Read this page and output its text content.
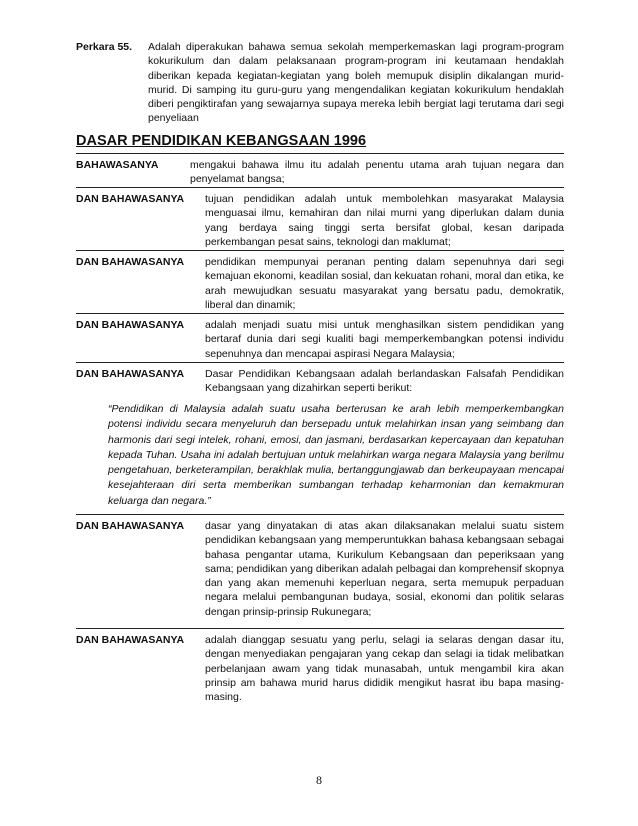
Perkara 55.	Adalah diperakukan bahawa semua sekolah memperkemaskan lagi program-program kokurikulum dan dalam pelaksanaan program-program ini keutamaan hendaklah diberikan kepada kegiatan-kegiatan yang boleh memupuk disiplin dikalangan murid-murid. Di samping itu guru-guru yang mengendalikan kegiatan kokurikulum hendaklah diberi pengiktirafan yang sewajarnya supaya mereka lebih bergiat lagi terutama dari segi penyeliaan
DASAR PENDIDIKAN KEBANGSAAN 1996
BAHAWASANYA	mengakui bahawa ilmu itu adalah penentu utama arah tujuan negara dan penyelamat bangsa;
DAN BAHAWASANYA	tujuan pendidikan adalah untuk membolehkan masyarakat Malaysia menguasai ilmu, kemahiran dan nilai murni yang diperlukan dalam dunia yang berdaya saing tinggi serta bersifat global, kesan daripada perkembangan pesat sains, teknologi dan maklumat;
DAN BAHAWASANYA	pendidikan mempunyai peranan penting dalam sepenuhnya dari segi kemajuan ekonomi, keadilan sosial, dan kekuatan rohani, moral dan etika, ke arah mewujudkan sesuatu masyarakat yang bersatu padu, demokratik, liberal dan dinamik;
DAN BAHAWASANYA	adalah menjadi suatu misi untuk menghasilkan sistem pendidikan yang bertaraf dunia dari segi kualiti bagi memperkembangkan potensi individu sepenuhnya dan mencapai aspirasi Negara Malaysia;
DAN BAHAWASANYA	Dasar Pendidikan Kebangsaan adalah berlandaskan Falsafah Pendidikan Kebangsaan yang dizahirkan seperti berikut:
“Pendidikan di Malaysia adalah suatu usaha berterusan ke arah lebih memperkembangkan potensi individu secara menyeluruh dan bersepadu untuk melahirkan insan yang seimbang dan harmonis dari segi intelek, rohani, emosi, dan jasmani, berdasarkan kepercayaan dan kepatuhan kepada Tuhan. Usaha ini adalah bertujuan untuk melahirkan warga negara Malaysia yang berilmu pengetahuan, berketerampilan, berakhlak mulia, bertanggungjawab dan berkeupayaan mencapai kesejahteraan diri serta memberikan sumbangan terhadap keharmonian dan kemakmuran keluarga dan negara.”
DAN BAHAWASANYA	dasar yang dinyatakan di atas akan dilaksanakan melalui suatu sistem pendidikan kebangsaan yang memperuntukkan bahasa kebangsaan sebagai bahasa pengantar utama, Kurikulum Kebangsaan dan peperiksaan yang sama; pendidikan yang diberikan adalah pelbagai dan komprehensif skopnya dan yang akan memenuhi keperluan negara, serta memupuk perpaduan negara melalui pembangunan budaya, sosial, ekonomi dan politik selaras dengan prinsip-prinsip Rukunegara;
DAN BAHAWASANYA	adalah dianggap sesuatu yang perlu, selagi ia selaras dengan dasar itu, dengan menyediakan pengajaran yang cekap dan selagi ia tidak melibatkan perbelanjaan awam yang tidak munasabah, untuk mengambil kira akan prinsip am bahawa murid harus dididik mengikut hasrat ibu bapa masing-masing.
8
